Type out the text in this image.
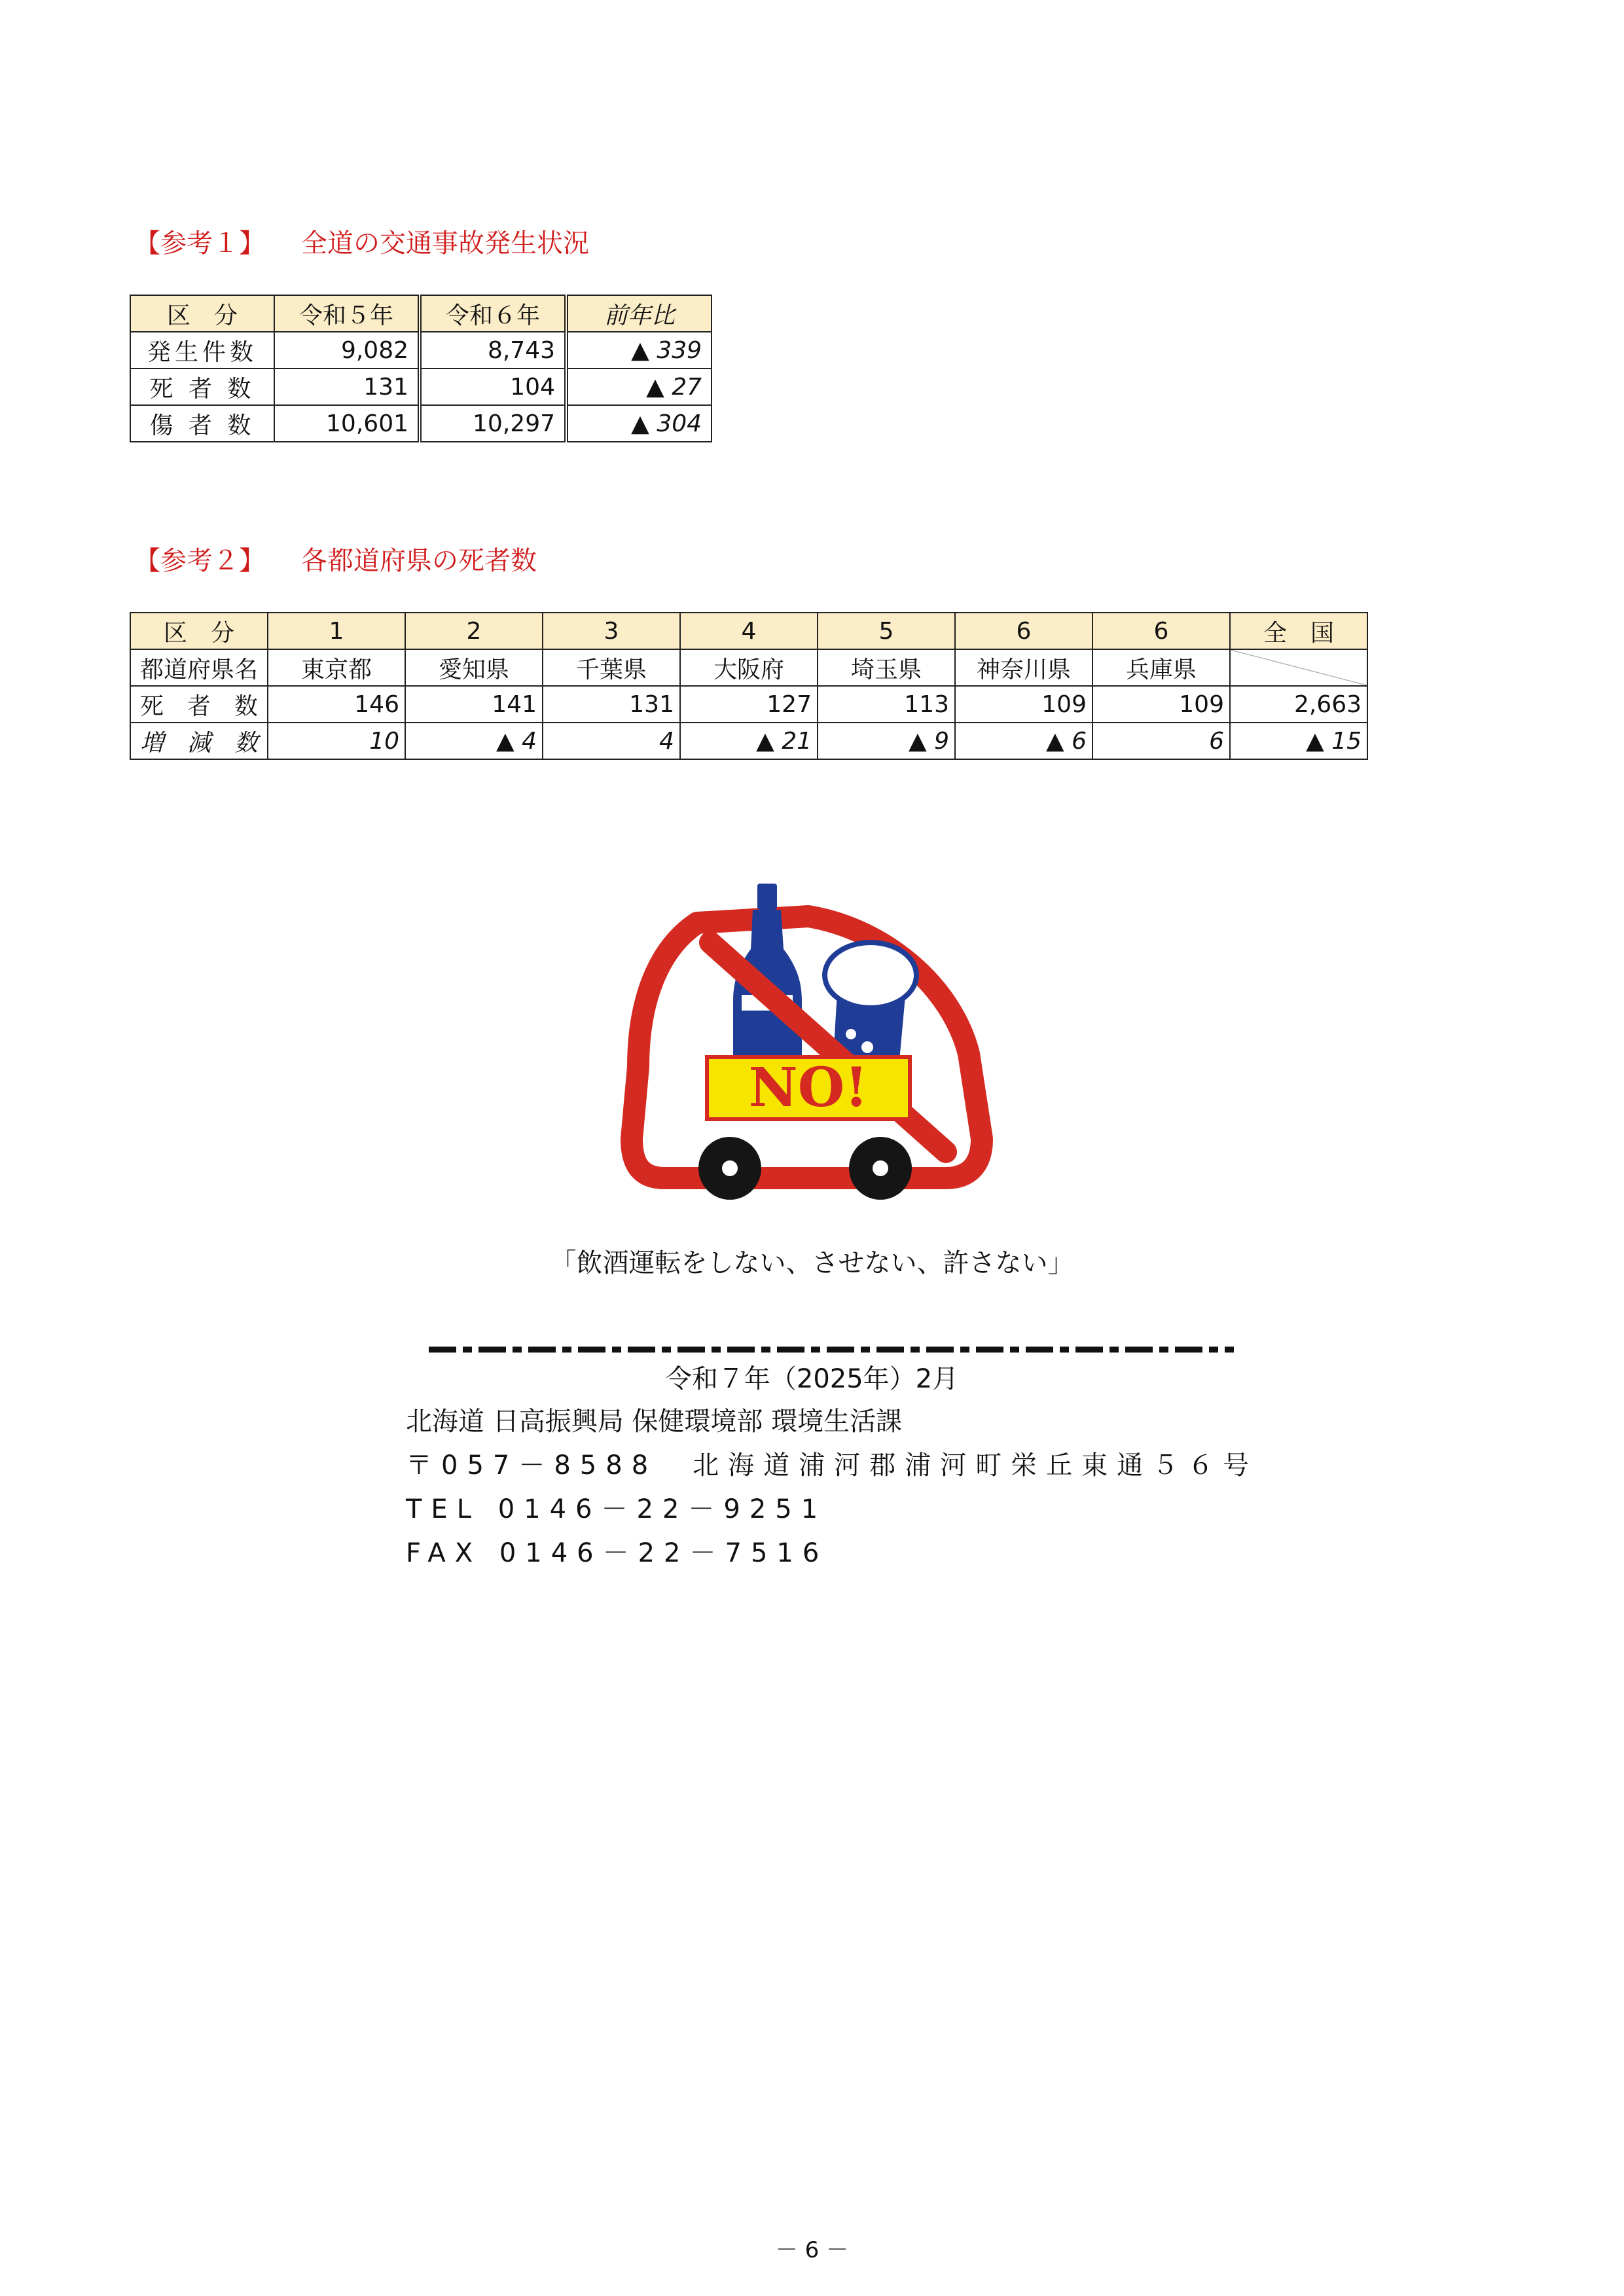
【参考１】 全道の交通事故発生状況
区　分	令和５年	令和６年	前年比
発生件数	9,082	8,743	▲ 339
死 者 数	131	104	▲ 27
傷 者 数	10,601	10,297	▲ 304
【参考２】 各都道府県の死者数
区　分	1	2	3	4	5	6	6	全　国
都道府県名	東京都	愛知県	千葉県	大阪府	埼玉県	神奈川県	兵庫県	
死　者　数	146	141	131	127	113	109	109	2,663
増　減　数	10	▲ 4	4	▲ 21	▲ 9	▲ 6	6	▲ 15
NO!
「飲酒運転をしない、させない、許さない」
令和７年（2025年）2月
北海道 日高振興局 保健環境部 環境生活課
〒057－8588　北海道浦河郡浦河町栄丘東通５６号
TEL 0146－22－9251
FAX 0146－22－7516
－ 6 －
